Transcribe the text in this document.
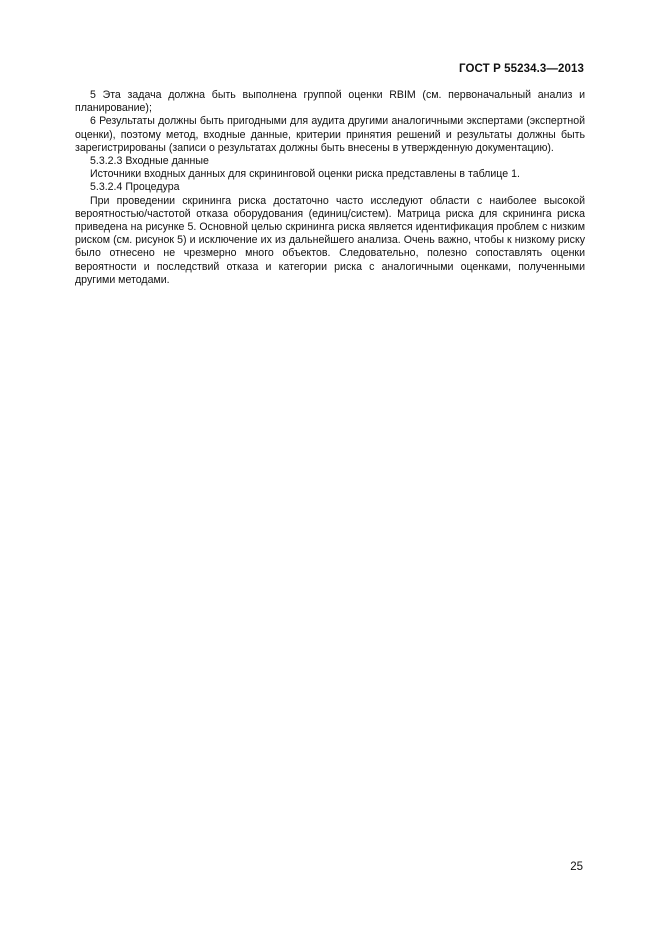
ГОСТ Р 55234.3—2013

5 Эта задача должна быть выполнена группой оценки RBIM (см. первоначальный анализ и планирование);

6 Результаты должны быть пригодными для аудита другими аналогичными экспертами (экспертной оценки), поэтому метод, входные данные, критерии принятия решений и результаты должны быть зарегистрированы (записи о результатах должны быть внесены в утвержденную документацию).

5.3.2.3 Входные данные

Источники входных данных для скрининговой оценки риска представлены в таблице 1.

5.3.2.4 Процедура

При проведении скрининга риска достаточно часто исследуют области с наиболее высокой вероятностью/частотой отказа оборудования (единиц/систем). Матрица риска для скрининга риска приведена на рисунке 5. Основной целью скрининга риска является идентификация проблем с низким риском (см. рисунок 5) и исключение их из дальнейшего анализа. Очень важно, чтобы к низкому риску было отнесено не чрезмерно много объектов. Следовательно, полезно сопоставлять оценки вероятности и последствий отказа и категории риска с аналогичными оценками, полученными другими методами.

25
